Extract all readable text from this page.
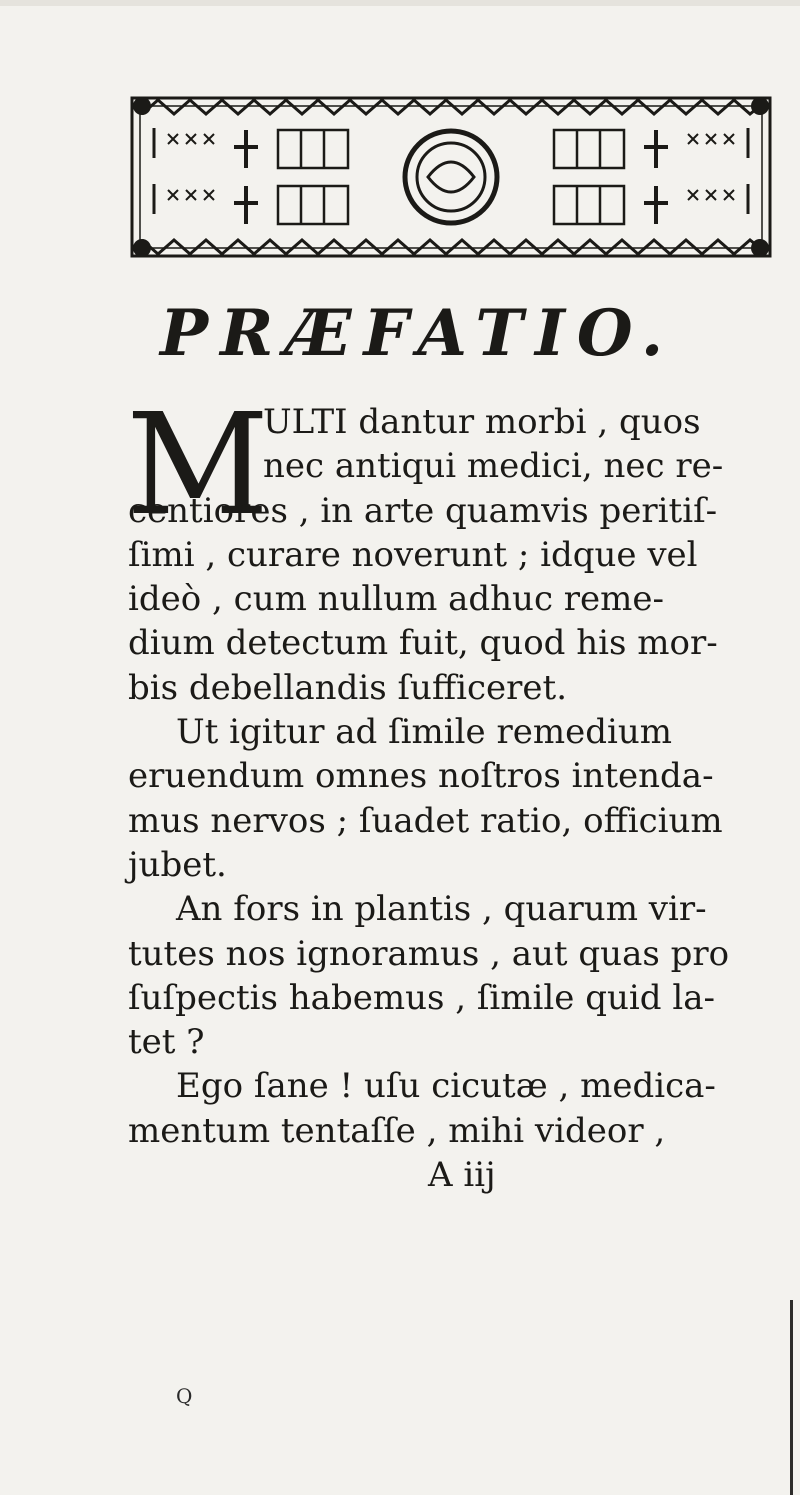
PRÆFATIO.
M
ULTI dantur morbi , quos
nec antiqui medici, nec re-
centiores , in arte quamvis peritiſ-
ſimi , curare noverunt ; idque vel
ideò , cum nullum adhuc reme-
dium detectum fuit, quod his mor-
bis debellandis ſufficeret.
Ut igitur ad ſimile remedium
eruendum omnes noſtros intenda-
mus nervos ; ſuadet ratio, officium
jubet.
An fors in plantis , quarum vir-
tutes nos ignoramus , aut quas pro
ſuſpectis habemus , ſimile quid la-
tet ?
Ego ſane ! uſu cicutæ , medica-
mentum tentaſſe , mihi videor ,
A iij
Q
